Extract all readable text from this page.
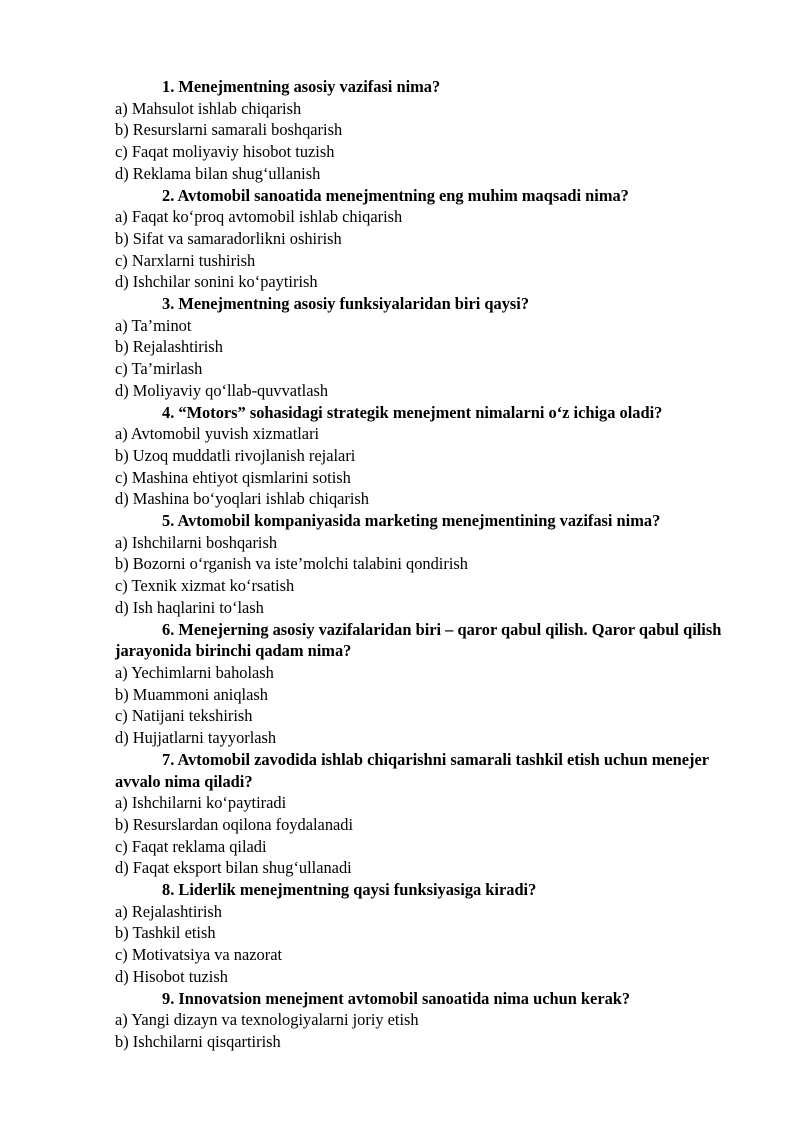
1. Menejmentning asosiy vazifasi nima?

a) Mahsulot ishlab chiqarish

b) Resurslarni samarali boshqarish

c) Faqat moliyaviy hisobot tuzish

d) Reklama bilan shug‘ullanish

2. Avtomobil sanoatida menejmentning eng muhim maqsadi nima?

a) Faqat ko‘proq avtomobil ishlab chiqarish

b) Sifat va samaradorlikni oshirish

c) Narxlarni tushirish

d) Ishchilar sonini ko‘paytirish

3. Menejmentning asosiy funksiyalaridan biri qaysi?

a) Ta’minot

b) Rejalashtirish

c) Ta’mirlash

d) Moliyaviy qo‘llab-quvvatlash

4. “Motors” sohasidagi strategik menejment nimalarni o‘z ichiga oladi?

a) Avtomobil yuvish xizmatlari

b) Uzoq muddatli rivojlanish rejalari

c) Mashina ehtiyot qismlarini sotish

d) Mashina bo‘yoqlari ishlab chiqarish

5. Avtomobil kompaniyasida marketing menejmentining vazifasi nima?

a) Ishchilarni boshqarish

b) Bozorni o‘rganish va iste’molchi talabini qondirish

c) Texnik xizmat ko‘rsatish

d) Ish haqlarini to‘lash

6. Menejerning asosiy vazifalaridan biri – qaror qabul qilish. Qaror qabul qilish jarayonida birinchi qadam nima?

a) Yechimlarni baholash

b) Muammoni aniqlash

c) Natijani tekshirish

d) Hujjatlarni tayyorlash

7. Avtomobil zavodida ishlab chiqarishni samarali tashkil etish uchun menejer avvalo nima qiladi?

a) Ishchilarni ko‘paytiradi

b) Resurslardan oqilona foydalanadi

c) Faqat reklama qiladi

d) Faqat eksport bilan shug‘ullanadi

8. Liderlik menejmentning qaysi funksiyasiga kiradi?

a) Rejalashtirish

b) Tashkil etish

c) Motivatsiya va nazorat

d) Hisobot tuzish

9. Innovatsion menejment avtomobil sanoatida nima uchun kerak?

a) Yangi dizayn va texnologiyalarni joriy etish

b) Ishchilarni qisqartirish
